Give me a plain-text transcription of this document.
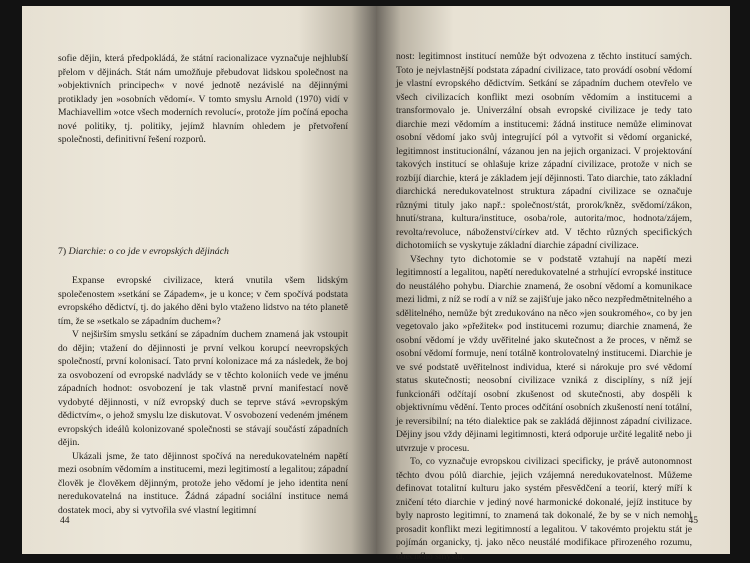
sofie dějin, která předpokládá, že státní racionalizace vyznačuje nejhlubší přelom v dějinách. Stát nám umožňuje přebudovat lidskou společnost na »objektivních principech« v nové jednotě nezávislé na dějinnými protiklady jen »osobních vědomí«. V tomto smyslu Arnold (1970) vidí v Machiavellim »otce všech moderních revolucí«, protože jím počíná epocha nové politiky, tj. politiky, jejímž hlavním ohledem je přetvoření společnosti, definitivní řešení rozporů.

7) Diarchie: o co jde v evropských dějinách

Expanse evropské civilizace, která vnutila všem lidským společenostem »setkání se Západem«, je u konce; v čem spočívá podstata evropského dědictví, tj. do jakého děni bylo vtaženo lidstvo na této planetě tím, že se »setkalo se západním duchem«?

V nejširším smyslu setkání se západním duchem znamená jak vstoupit do dějin; vtažení do dějinnosti je první velkou korupcí neevropských společností, první kolonisací. Tato první kolonizace má za následek, že boj za osvobození od evropské nadvlády se v těchto koloniích vede ve jménu západních hodnot: osvobození je tak vlastně první manifestací nově vydobyté dějinnosti, v níž evropský duch se teprve stává »evropským dědictvím«, o jehož smyslu lze diskutovat. V osvobození vedeném jménem evropských ideálů kolonizované společnosti se stávají součástí západních dějin.

Ukázali jsme, že tato dějinnost spočívá na neredukovatelném napětí mezi osobním vědomím a institucemi, mezi legitimostí a legalitou; západní člověk je člověkem dějinným, protože jeho vědomí je jeho identita není neredukovatelná na instituce. Žádná západní sociální instituce nemá dostatek moci, aby si vytvořila své vlastní legitimní

44

nost: legitimnost institucí nemůže být odvozena z těchto institucí samých. Toto je nejvlastnější podstata západní civilizace, tato provádí osobní vědomí je vlastní evropského dědictvím. Setkání se západním duchem otevřelo ve všech civilizacích konflikt mezi osobním vědomím a institucemi a transformovalo je. Univerzální obsah evropské civilizace je tedy tato diarchie mezi vědomím a institucemi: žádná instituce nemůže eliminovat osobní vědomí jako svůj integrující pól a vytvořit si vědomí organické, legitimnost institucionální, vázanou jen na jejich organizaci. V projektování takových institucí se ohlašuje krize západní civilizace, protože v nich se rozbíjí diarchie, která je základem její dějinnosti. Tato diarchie, tato základní diarchická neredukovatelnost struktura západní civilizace se označuje různými tituly jako např.: společnost/stát, prorok/kněz, svědomí/zákon, hnutí/strana, kultura/instituce, osoba/role, autorita/moc, hodnota/zájem, revolta/revoluce, náboženství/církev atd. V těchto různých specifických dichotomiích se vyskytuje základní diarchie západní civilizace.

Všechny tyto dichotomie se v podstatě vztahují na napětí mezi legitimností a legalitou, napětí neredukovatelné a strhující evropské instituce do neustálého pohybu. Diarchie znamená, že osobní vědomí a komunikace mezi lidmi, z níž se rodí a v níž se zajišťuje jako něco nezpředmětnitelného a sdělitelného, nemůže být zredukováno na něco »jen soukromého«, co by jen vegetovalo jako »přežitek« pod institucemi rozumu; diarchie znamená, že osobní vědomí je vždy uvěřitelné jako skutečnost a že proces, v němž se osobní vědomí formuje, není totálně kontrolovatelný institucemi. Diarchie je ve své podstatě uvěřitelnost individua, které si nárokuje pro své vědomí status skutečnosti; neosobní civilizace vzniká z disciplíny, s níž její funkcionáři odčítají osobní zkušenost od skutečnosti, aby dospěli k objektivnímu vědění. Tento proces odčítání osobních zkušeností není totální, je reversibilní; na této dialektice pak se zakládá dějinnost západní civilizace. Dějiny jsou vždy dějinami legitimnosti, která odporuje určité legalitě nebo ji utvrzuje v procesu.

To, co vyznačuje evropskou civilizaci specificky, je právě autonomnost těchto dvou pólů diarchie, jejich vzájemná neredukovatelnost. Můžeme definovat totalitní kulturu jako systém přesvědčení a teorií, který míří k zničení této diarchie v jediný nové harmonické dokonalé, jejíž instituce by byly naprosto legitimní, to znamená tak dokonalé, že by se v nich nemohl prosadit konflikt mezi legitimností a legalitou. V takovémto projektu stát je pojímán organicky, tj. jako něco neustálé modifikace přirozeného rozumu, obecného smyslu,

45
